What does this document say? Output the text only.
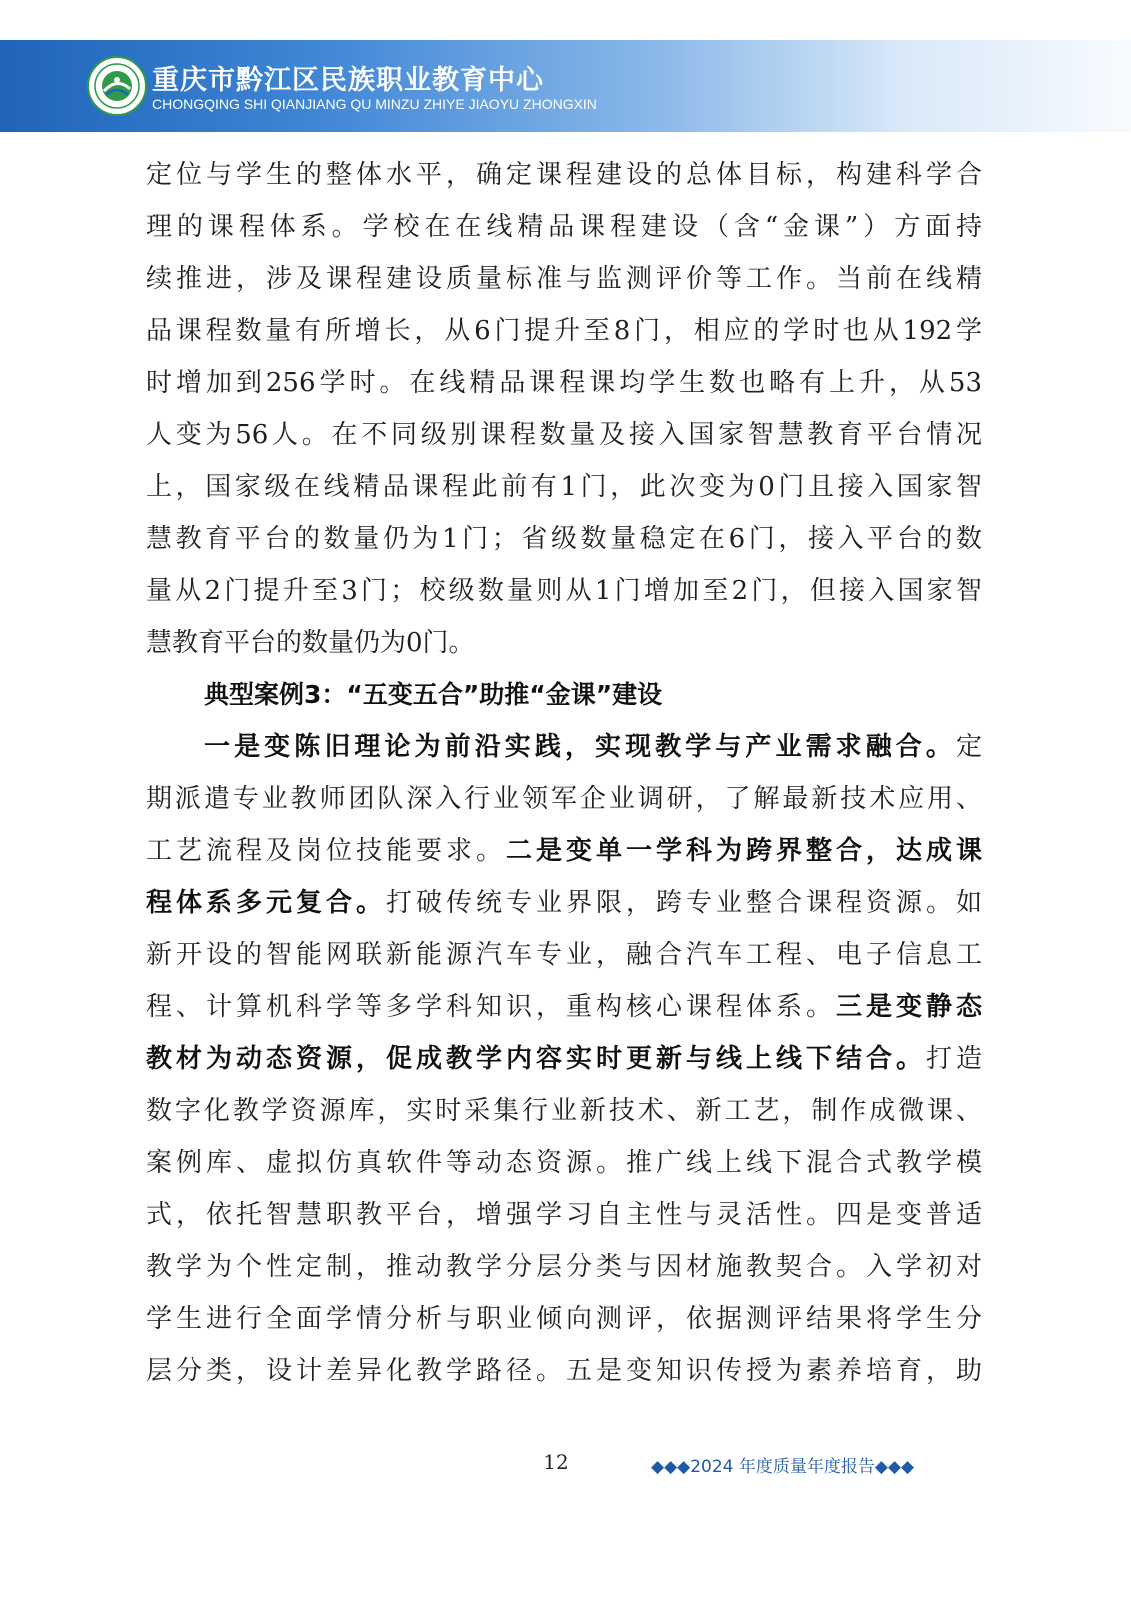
重庆市黔江区民族职业教育中心
CHONGQING SHI QIANJIANG QU MINZU ZHIYE JIAOYU ZHONGXIN
定位与学生的整体水平，确定课程建设的总体目标，构建科学合
理的课程体系。学校在在线精品课程建设（含“金课”）方面持
续推进，涉及课程建设质量标准与监测评价等工作。当前在线精
品课程数量有所增长，从6门提升至8门，相应的学时也从192学
时增加到256学时。在线精品课程课均学生数也略有上升，从53
人变为56人。在不同级别课程数量及接入国家智慧教育平台情况
上，国家级在线精品课程此前有1门，此次变为0门且接入国家智
慧教育平台的数量仍为1门；省级数量稳定在6门，接入平台的数
量从2门提升至3门；校级数量则从1门增加至2门，但接入国家智
慧教育平台的数量仍为0门。
典型案例3：“五变五合”助推“金课”建设
一是变陈旧理论为前沿实践，实现教学与产业需求融合。定
期派遣专业教师团队深入行业领军企业调研，了解最新技术应用、
工艺流程及岗位技能要求。二是变单一学科为跨界整合，达成课
程体系多元复合。打破传统专业界限，跨专业整合课程资源。如
新开设的智能网联新能源汽车专业，融合汽车工程、电子信息工
程、计算机科学等多学科知识，重构核心课程体系。三是变静态
教材为动态资源，促成教学内容实时更新与线上线下结合。打造
数字化教学资源库，实时采集行业新技术、新工艺，制作成微课、
案例库、虚拟仿真软件等动态资源。推广线上线下混合式教学模
式，依托智慧职教平台，增强学习自主性与灵活性。四是变普适
教学为个性定制，推动教学分层分类与因材施教契合。入学初对
学生进行全面学情分析与职业倾向测评，依据测评结果将学生分
层分类，设计差异化教学路径。五是变知识传授为素养培育，助
12	◆◆◆2024 年度质量年度报告◆◆◆
